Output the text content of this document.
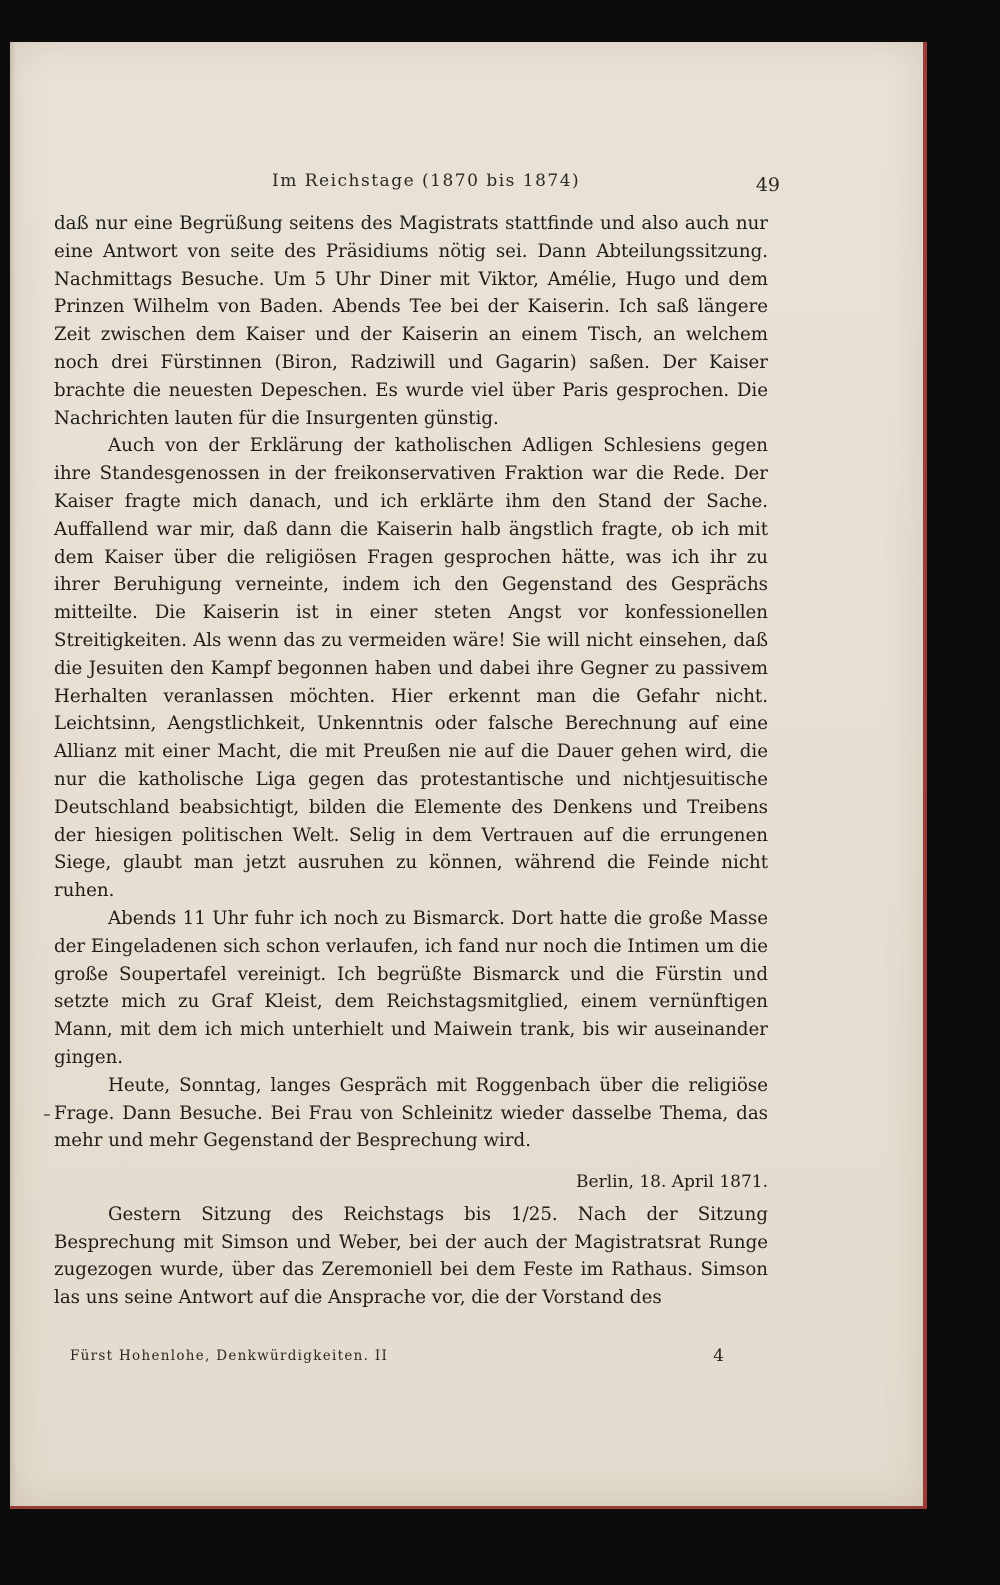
Im Reichstage (1870 bis 1874)	49

daß nur eine Begrüßung seitens des Magistrats stattfinde und also auch nur eine Antwort von seite des Präsidiums nötig sei. Dann Abteilungssitzung. Nachmittags Besuche. Um 5 Uhr Diner mit Viktor, Amélie, Hugo und dem Prinzen Wilhelm von Baden. Abends Tee bei der Kaiserin. Ich saß längere Zeit zwischen dem Kaiser und der Kaiserin an einem Tisch, an welchem noch drei Fürstinnen (Biron, Radziwill und Gagarin) saßen. Der Kaiser brachte die neuesten Depeschen. Es wurde viel über Paris gesprochen. Die Nachrichten lauten für die Insurgenten günstig.

Auch von der Erklärung der katholischen Adligen Schlesiens gegen ihre Standesgenossen in der freikonservativen Fraktion war die Rede. Der Kaiser fragte mich danach, und ich erklärte ihm den Stand der Sache. Auffallend war mir, daß dann die Kaiserin halb ängstlich fragte, ob ich mit dem Kaiser über die religiösen Fragen gesprochen hätte, was ich ihr zu ihrer Beruhigung verneinte, indem ich den Gegenstand des Gesprächs mitteilte. Die Kaiserin ist in einer steten Angst vor konfessionellen Streitigkeiten. Als wenn das zu vermeiden wäre! Sie will nicht einsehen, daß die Jesuiten den Kampf begonnen haben und dabei ihre Gegner zu passivem Herhalten veranlassen möchten. Hier erkennt man die Gefahr nicht. Leichtsinn, Aengstlichkeit, Unkenntnis oder falsche Berechnung auf eine Allianz mit einer Macht, die mit Preußen nie auf die Dauer gehen wird, die nur die katholische Liga gegen das protestantische und nichtjesuitische Deutschland beabsichtigt, bilden die Elemente des Denkens und Treibens der hiesigen politischen Welt. Selig in dem Vertrauen auf die errungenen Siege, glaubt man jetzt ausruhen zu können, während die Feinde nicht ruhen.

Abends 11 Uhr fuhr ich noch zu Bismarck. Dort hatte die große Masse der Eingeladenen sich schon verlaufen, ich fand nur noch die Intimen um die große Soupertafel vereinigt. Ich begrüßte Bismarck und die Fürstin und setzte mich zu Graf Kleist, dem Reichstagsmitglied, einem vernünftigen Mann, mit dem ich mich unterhielt und Maiwein trank, bis wir auseinander gingen.

Heute, Sonntag, langes Gespräch mit Roggenbach über die religiöse Frage. Dann Besuche. Bei Frau von Schleinitz wieder dasselbe Thema, das mehr und mehr Gegenstand der Besprechung wird.

Berlin, 18. April 1871.

Gestern Sitzung des Reichstags bis 1/25. Nach der Sitzung Besprechung mit Simson und Weber, bei der auch der Magistratsrat Runge zugezogen wurde, über das Zeremoniell bei dem Feste im Rathaus. Simson las uns seine Antwort auf die Ansprache vor, die der Vorstand des

Fürst Hohenlohe, Denkwürdigkeiten. II	4
